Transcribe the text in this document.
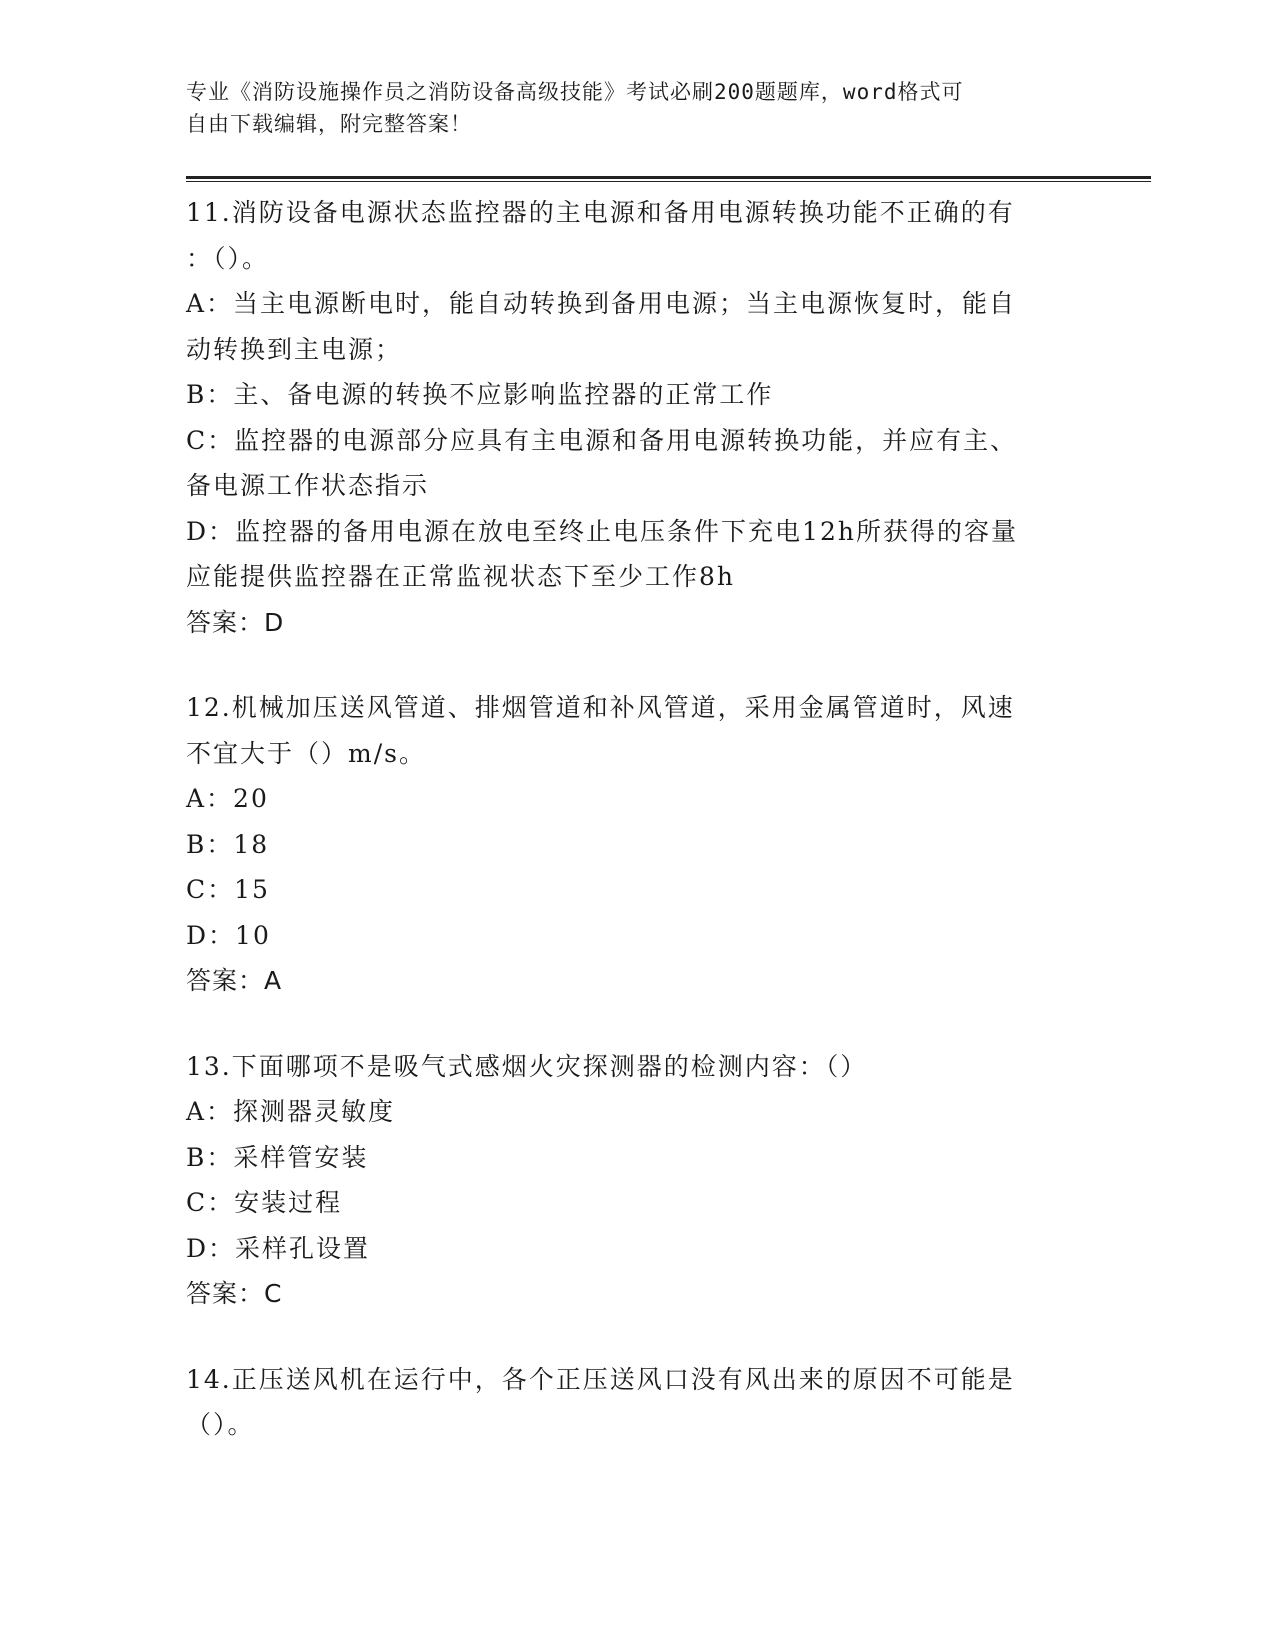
专业《消防设施操作员之消防设备高级技能》考试必刷200题题库，word格式可
自由下载编辑，附完整答案！

11.消防设备电源状态监控器的主电源和备用电源转换功能不正确的有

：（）。

A：当主电源断电时，能自动转换到备用电源；当主电源恢复时，能自

动转换到主电源；

B：主、备电源的转换不应影响监控器的正常工作

C：监控器的电源部分应具有主电源和备用电源转换功能，并应有主、

备电源工作状态指示

D：监控器的备用电源在放电至终止电压条件下充电12h所获得的容量

应能提供监控器在正常监视状态下至少工作8h

答案：D

12.机械加压送风管道、排烟管道和补风管道，采用金属管道时，风速

不宜大于（）m/s。

A：20

B：18

C：15

D：10

答案：A

13.下面哪项不是吸气式感烟火灾探测器的检测内容：（）

A：探测器灵敏度

B：采样管安装

C：安装过程

D：采样孔设置

答案：C

14.正压送风机在运行中，各个正压送风口没有风出来的原因不可能是

（）。
